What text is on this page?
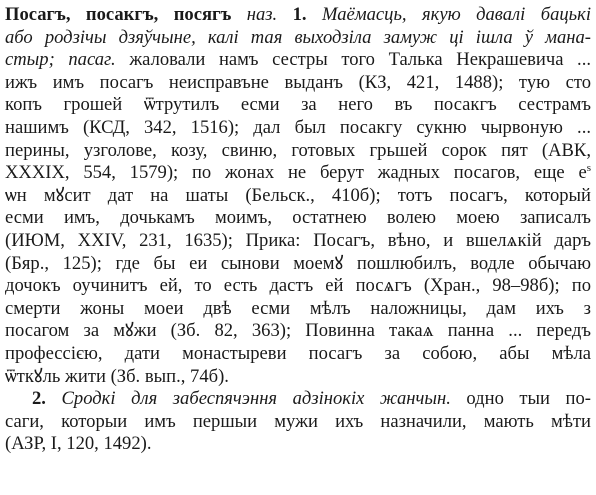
Посагъ, посакгъ, посягъ наз. 1. Маёмасць, якую давалі бацькі
або родзічы дзяўчыне, калі тая выходзіла замуж ці ішла ў мана-
стыр; пасаг. жаловали намъ сестры того Талька Некрашевича ...
ижъ имъ посагъ неисправъне выданъ (КЗ, 421, 1488); тую сто
копъ грошей ѿтрутилъ есми за него въ посакгъ сестрамъ
нашимъ (КСД, 342, 1516); дал был посакгу сукню чырвоную ...
перины, узголове, козу, свиню, готовых грьшей сорок пят (АВК,
XXXIX, 554, 1579); по жонах не берут жадных посагов, еще $е^s$
ѡн мꙋсит дат на шаты (Бельск., 410б); тотъ посагъ, который
есми имъ, дочькамъ моимъ, остатнею волею моею записалъ
(ИЮМ, XXIV, 231, 1635); Прика: Посагъ, вѣно, и вшелѧкій даръ
(Бяр., 125); где бы еи сынови моемꙋ пошлюбилъ, водле обычаю
дочокъ оучинитъ ей, то есть дастъ ей посѧгъ (Хран., 98–98б); по
смерти жоны моеи двѣ есми мѣлъ наложницы, дам ихъ з
посагом за мꙋжи (Зб. 82, 363); Повинна такаѧ панна ... передъ
профессією, дати монастыреви посагъ за собою, абы мѣла
ѿткꙋль жити (Зб. вып., 74б).
2. Сродкі для забеспячэння адзінокіх жанчын. одно тыи по-
саги, которыи имъ першыи мужи ихъ назначили, мають мѣти
(АЗР, I, 120, 1492).
